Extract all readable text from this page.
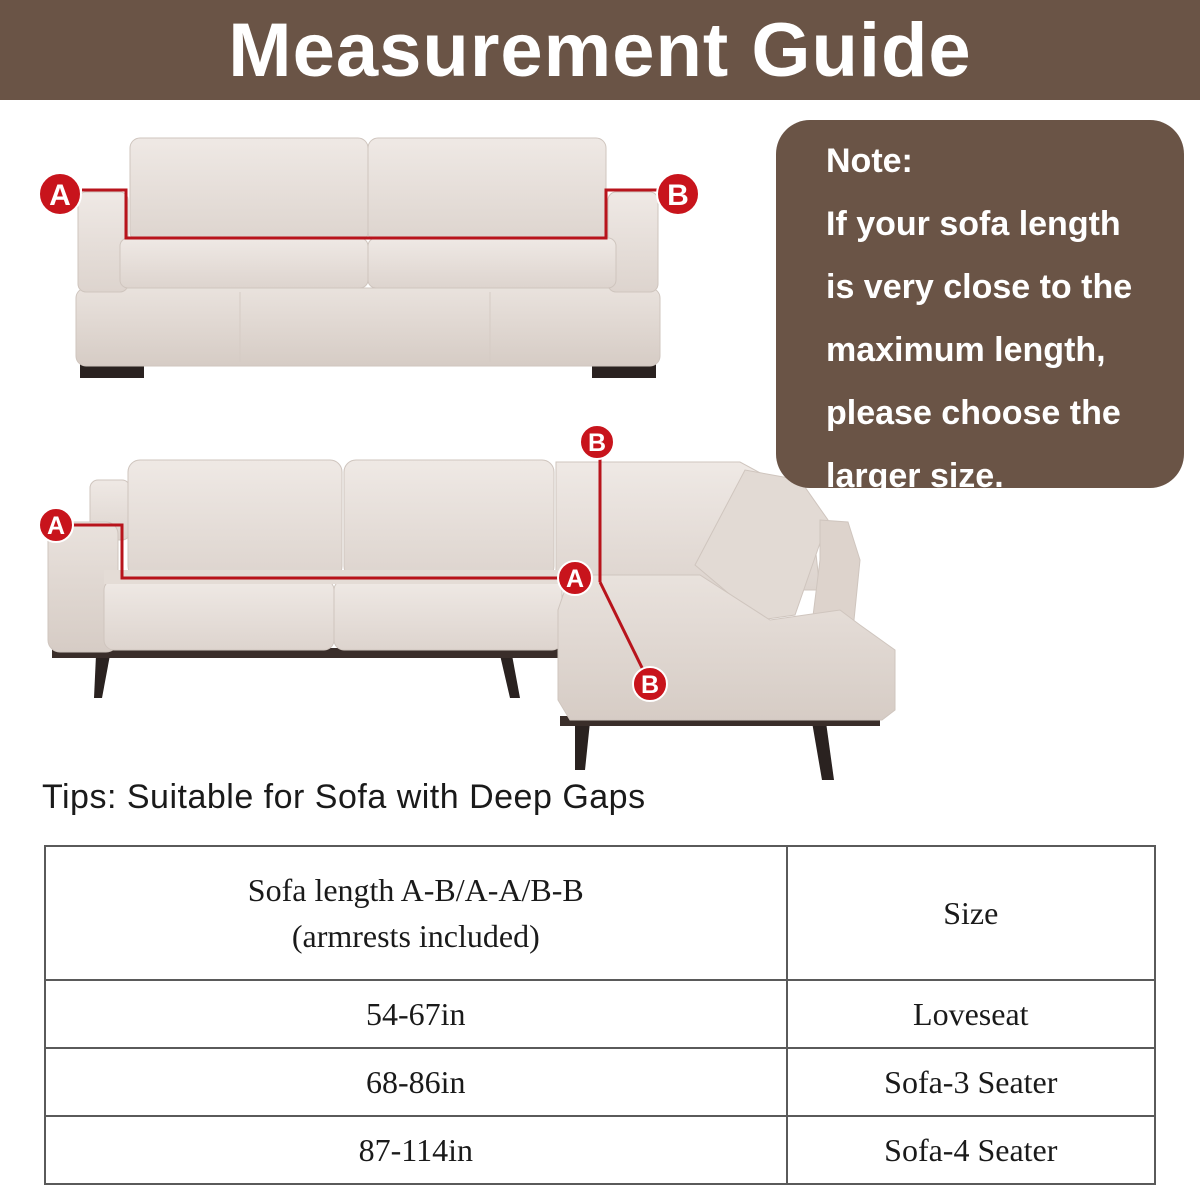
Measurement Guide
A	B
A
B
A
B
Note:
If your sofa length
is very close to the
maximum length,
please choose the
larger size.
Tips: Suitable for Sofa with Deep Gaps
Sofa length A-B/A-A/B-B
(armrests included)	Size
54-67in	Loveseat
68-86in	Sofa-3 Seater
87-114in	Sofa-4 Seater
